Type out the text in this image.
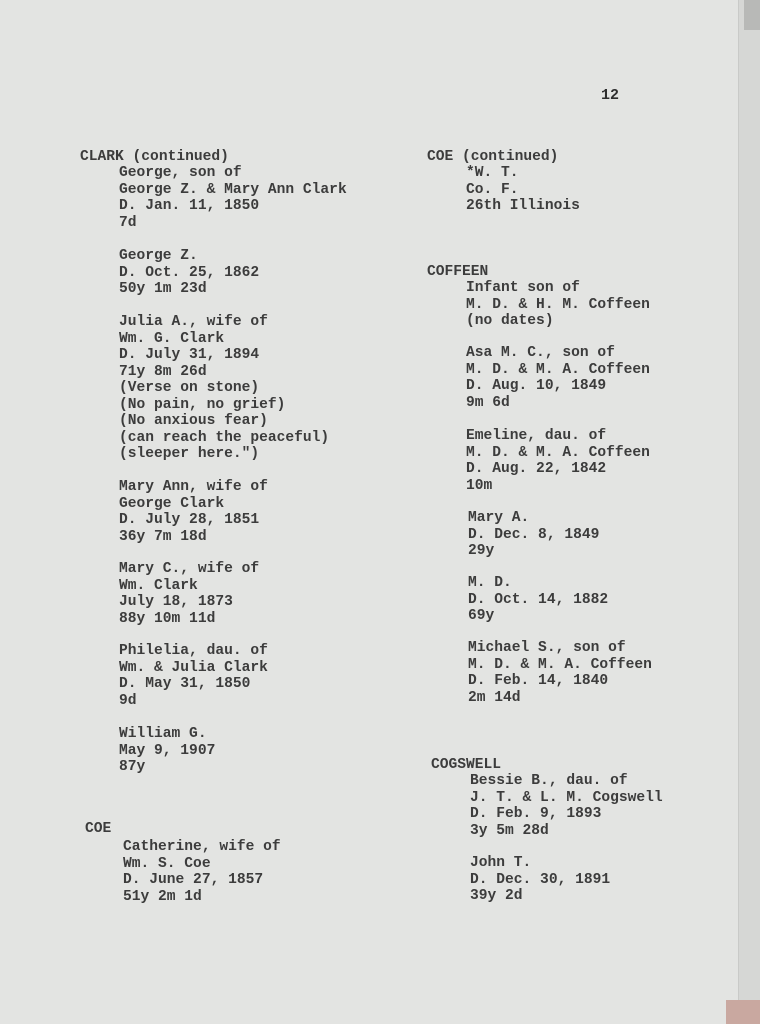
12
CLARK (continued)
George, son of
George Z. & Mary Ann Clark
D. Jan. 11, 1850
7d
George Z.
D. Oct. 25, 1862
50y 1m 23d
Julia A., wife of
Wm. G. Clark
D. July 31, 1894
71y 8m 26d
(Verse on stone)
(No pain, no grief)
(No anxious fear)
(can reach the peaceful)
(sleeper here.")
Mary Ann, wife of
George Clark
D. July 28, 1851
36y 7m 18d
Mary C., wife of
Wm. Clark
July 18, 1873
88y 10m 11d
Philelia, dau. of
Wm. & Julia Clark
D. May 31, 1850
9d
William G.
May 9, 1907
87y
COE
Catherine, wife of
Wm. S. Coe
D. June 27, 1857
51y 2m 1d
COE (continued)
*W. T.
Co. F.
26th Illinois
COFFEEN
Infant son of
M. D. & H. M. Coffeen
(no dates)
Asa M. C., son of
M. D. & M. A. Coffeen
D. Aug. 10, 1849
9m 6d
Emeline, dau. of
M. D. & M. A. Coffeen
D. Aug. 22, 1842
10m
Mary A.
D. Dec. 8, 1849
29y
M. D.
D. Oct. 14, 1882
69y
Michael S., son of
M. D. & M. A. Coffeen
D. Feb. 14, 1840
2m 14d
COGSWELL
Bessie B., dau. of
J. T. & L. M. Cogswell
D. Feb. 9, 1893
3y 5m 28d
John T.
D. Dec. 30, 1891
39y 2d
